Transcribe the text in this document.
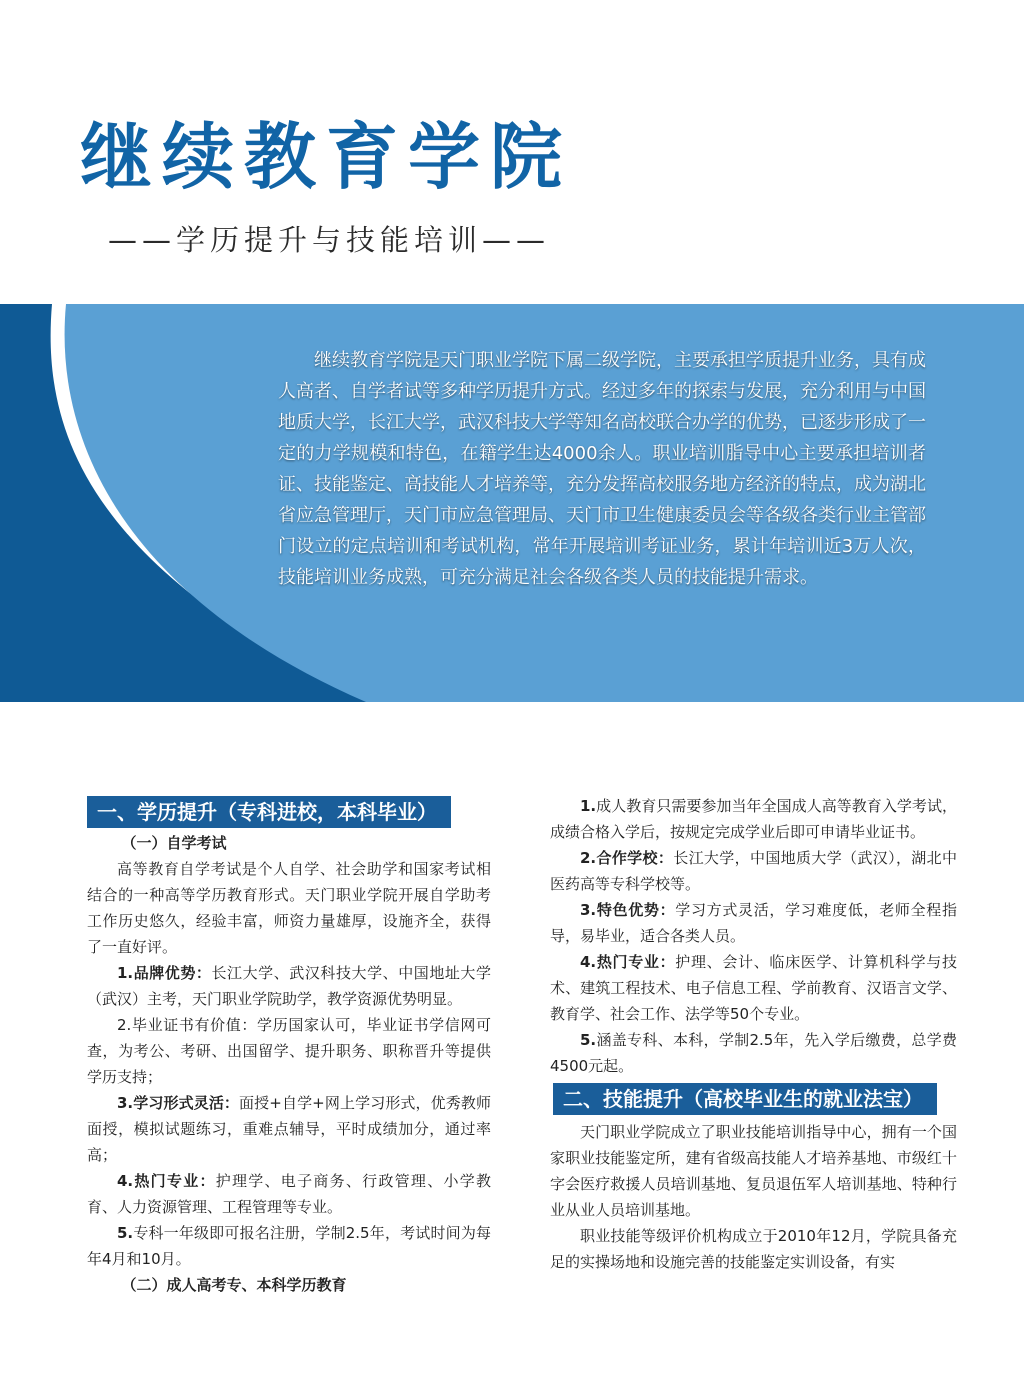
继续教育学院
——学历提升与技能培训——

继续教育学院是天门职业学院下属二级学院，主要承担学质提升业务，具有成人高者、自学者试等多种学历提升方式。经过多年的探索与发展，充分利用与中国地质大学，长江大学，武汉科技大学等知名高校联合办学的优势，已逐步形成了一定的力学规模和特色，在籍学生达4000余人。职业培训脂导中心主要承担培训者证、技能鉴定、高技能人才培养等，充分发挥高校服务地方经济的特点，成为湖北省应急管理厅，天门市应急管理局、天门市卫生健康委员会等各级各类行业主管部门设立的定点培训和考试机构，常年开展培训考证业务，累计年培训近3万人次，技能培训业务成熟，可充分满足社会各级各类人员的技能提升需求。

一、学历提升（专科进校，本科毕业）

（一）自学考试

高等教育自学考试是个人自学、社会助学和国家考试相结合的一种高等学历教育形式。天门职业学院开展自学助考工作历史悠久，经验丰富，师资力量雄厚，设施齐全，获得了一直好评。

1.品牌优势：长江大学、武汉科技大学、中国地址大学（武汉）主考，天门职业学院助学，教学资源优势明显。

2.毕业证书有价值：学历国家认可，毕业证书学信网可查，为考公、考研、出国留学、提升职务、职称晋升等提供学历支持；

3.学习形式灵活：面授+自学+网上学习形式，优秀教师面授，模拟试题练习，重难点辅导，平时成绩加分，通过率高；

4.热门专业：护理学、电子商务、行政管理、小学教育、人力资源管理、工程管理等专业。

5.专科一年级即可报名注册，学制2.5年，考试时间为每年4月和10月。

（二）成人高考专、本科学历教育

1.成人教育只需要参加当年全国成人高等教育入学考试，成绩合格入学后，按规定完成学业后即可申请毕业证书。

2.合作学校：长江大学，中国地质大学（武汉），湖北中医药高等专科学校等。

3.特色优势：学习方式灵活，学习难度低，老师全程指导，易毕业，适合各类人员。

4.热门专业：护理、会计、临床医学、计算机科学与技术、建筑工程技术、电子信息工程、学前教育、汉语言文学、教育学、社会工作、法学等50个专业。

5.涵盖专科、本科，学制2.5年，先入学后缴费，总学费 4500元起。

二、技能提升（高校毕业生的就业法宝）

天门职业学院成立了职业技能培训指导中心，拥有一个国家职业技能鉴定所，建有省级高技能人才培养基地、市级红十字会医疗救援人员培训基地、复员退伍军人培训基地、特种行业从业人员培训基地。

职业技能等级评价机构成立于2010年12月，学院具备充足的实操场地和设施完善的技能鉴定实训设备，有实
